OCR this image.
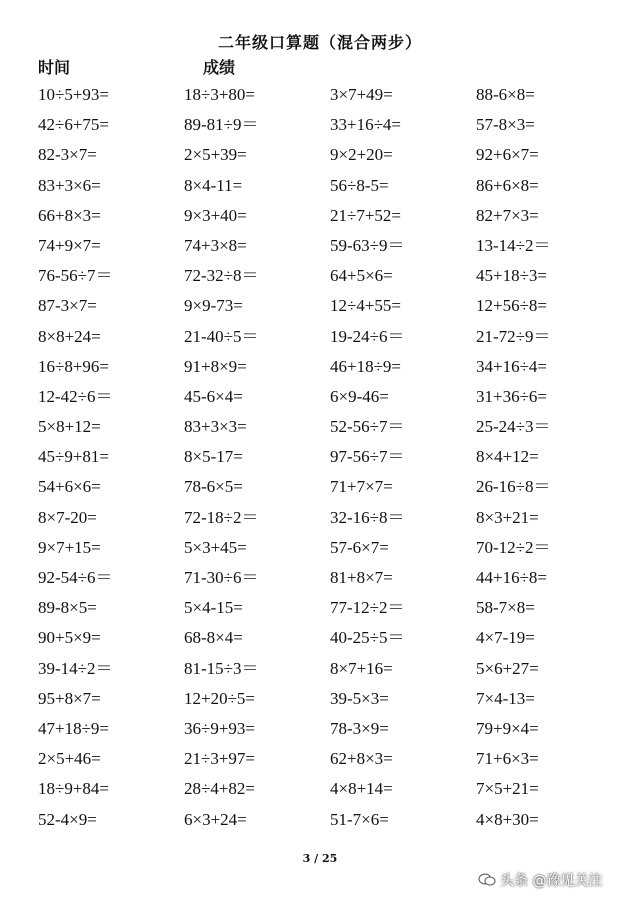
二年级口算题（混合两步）
时间	成绩
10÷5+93=	18÷3+80=	3×7+49=	88-6×8=
42÷6+75=	89-81÷9＝	33+16÷4=	57-8×3=
82-3×7=	2×5+39=	9×2+20=	92+6×7=
83+3×6=	8×4-11=	56÷8-5=	86+6×8=
66+8×3=	9×3+40=	21÷7+52=	82+7×3=
74+9×7=	74+3×8=	59-63÷9＝	13-14÷2＝
76-56÷7＝	72-32÷8＝	64+5×6=	45+18÷3=
87-3×7=	9×9-73=	12÷4+55=	12+56÷8=
8×8+24=	21-40÷5＝	19-24÷6＝	21-72÷9＝
16÷8+96=	91+8×9=	46+18÷9=	34+16÷4=
12-42÷6＝	45-6×4=	6×9-46=	31+36÷6=
5×8+12=	83+3×3=	52-56÷7＝	25-24÷3＝
45÷9+81=	8×5-17=	97-56÷7＝	8×4+12=
54+6×6=	78-6×5=	71+7×7=	26-16÷8＝
8×7-20=	72-18÷2＝	32-16÷8＝	8×3+21=
9×7+15=	5×3+45=	57-6×7=	70-12÷2＝
92-54÷6＝	71-30÷6＝	81+8×7=	44+16÷8=
89-8×5=	5×4-15=	77-12÷2＝	58-7×8=
90+5×9=	68-8×4=	40-25÷5＝	4×7-19=
39-14÷2＝	81-15÷3＝	8×7+16=	5×6+27=
95+8×7=	12+20÷5=	39-5×3=	7×4-13=
47+18÷9=	36÷9+93=	78-3×9=	79+9×4=
2×5+46=	21÷3+97=	62+8×3=	71+6×3=
18÷9+84=	28÷4+82=	4×8+14=	7×5+21=
52-4×9=	6×3+24=	51-7×6=	4×8+30=
3 / 25
头条 @豫见关注
